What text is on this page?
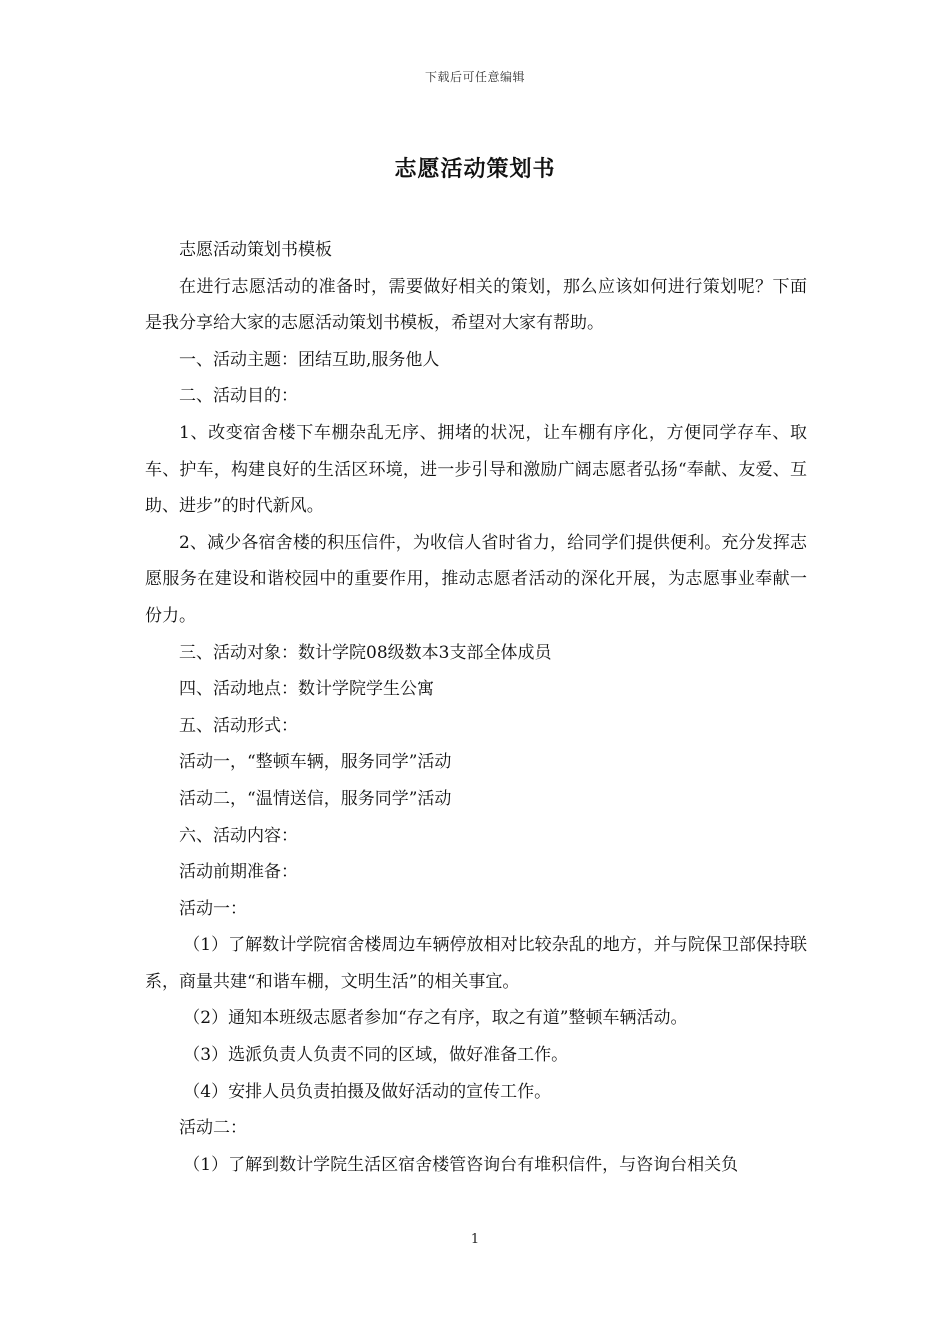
下载后可任意编辑
志愿活动策划书

志愿活动策划书模板

在进行志愿活动的准备时，需要做好相关的策划，那么应该如何进行策划呢？下面是我分享给大家的志愿活动策划书模板，希望对大家有帮助。

一、活动主题：团结互助,服务他人

二、活动目的：

1、改变宿舍楼下车棚杂乱无序、拥堵的状况，让车棚有序化，方便同学存车、取车、护车，构建良好的生活区环境，进一步引导和激励广阔志愿者弘扬“奉献、友爱、互助、进步”的时代新风。

2、减少各宿舍楼的积压信件，为收信人省时省力，给同学们提供便利。充分发挥志愿服务在建设和谐校园中的重要作用，推动志愿者活动的深化开展，为志愿事业奉献一份力。

三、活动对象：数计学院08级数本3支部全体成员

四、活动地点：数计学院学生公寓

五、活动形式：

活动一，“整顿车辆，服务同学”活动

活动二，“温情送信，服务同学”活动

六、活动内容：

活动前期准备：

活动一：

（1）了解数计学院宿舍楼周边车辆停放相对比较杂乱的地方，并与院保卫部保持联系，商量共建“和谐车棚，文明生活”的相关事宜。

（2）通知本班级志愿者参加“存之有序，取之有道”整顿车辆活动。

（3）选派负责人负责不同的区域，做好准备工作。

（4）安排人员负责拍摄及做好活动的宣传工作。

活动二：

（1）了解到数计学院生活区宿舍楼管咨询台有堆积信件，与咨询台相关负

1
